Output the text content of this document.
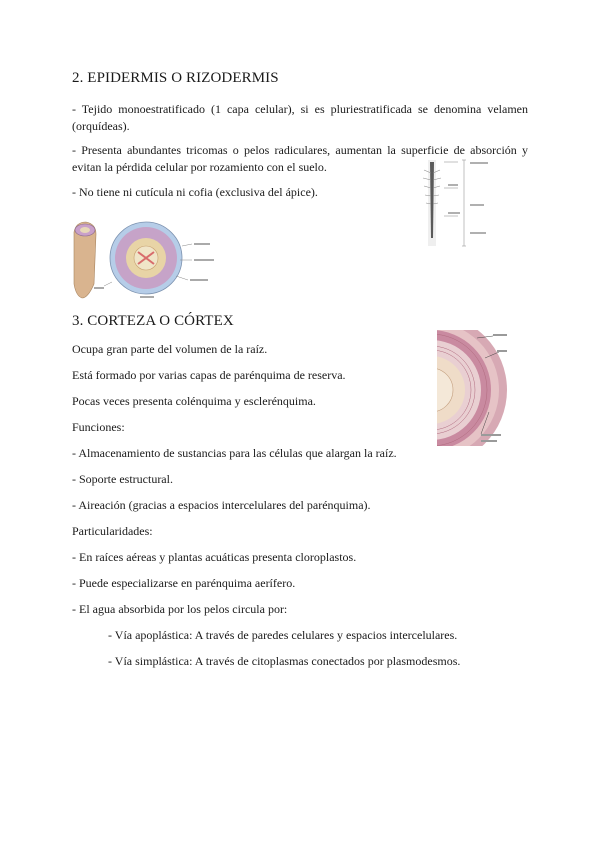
2. EPIDERMIS O RIZODERMIS

- Tejido monoestratificado (1 capa celular), si es pluriestratificada se denomina velamen (orquídeas).

- Presenta abundantes tricomas o pelos radiculares, aumentan la superficie de absorción y evitan la pérdida celular por rozamiento con el suelo.

- No tiene ni cutícula ni cofia (exclusiva del ápice).

3. CORTEZA O CÓRTEX

Ocupa gran parte del volumen de la raíz.

Está formado por varias capas de parénquima de reserva.

Pocas veces presenta colénquima y esclerénquima.

Funciones:

- Almacenamiento de sustancias para las células que alargan la raíz.

- Soporte estructural.

- Aireación (gracias a espacios intercelulares del parénquima).

Particularidades:

- En raíces aéreas y plantas acuáticas presenta cloroplastos.

- Puede especializarse en parénquima aerífero.

- El agua absorbida por los pelos circula por:

- Vía apoplástica: A través de paredes celulares y espacios intercelulares.

- Vía simplástica: A través de citoplasmas conectados por plasmodesmos.
